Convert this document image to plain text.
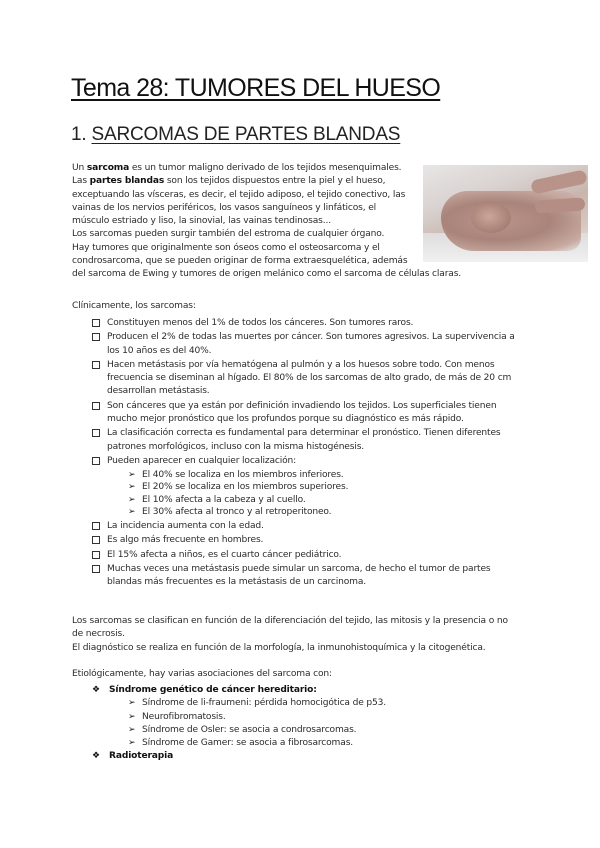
Tema 28: TUMORES DEL HUESO
1. SARCOMAS DE PARTES BLANDAS
Un sarcoma es un tumor maligno derivado de los tejidos mesenquimales.
Las partes blandas son los tejidos dispuestos entre la piel y el hueso,
exceptuando las vísceras, es decir, el tejido adiposo, el tejido conectivo, las
vainas de los nervios periféricos, los vasos sanguíneos y linfáticos, el
músculo estriado y liso, la sinovial, las vainas tendinosas...
Los sarcomas pueden surgir también del estroma de cualquier órgano.
Hay tumores que originalmente son óseos como el osteosarcoma y el
condrosarcoma, que se pueden originar de forma extraesquelética, además
del sarcoma de Ewing y tumores de origen melánico como el sarcoma de células claras.
Clínicamente, los sarcomas:
Constituyen menos del 1% de todos los cánceres. Son tumores raros.
Producen el 2% de todas las muertes por cáncer. Son tumores agresivos. La supervivencia a
los 10 años es del 40%.
Hacen metástasis por vía hematógena al pulmón y a los huesos sobre todo. Con menos
frecuencia se diseminan al hígado. El 80% de los sarcomas de alto grado, de más de 20 cm
desarrollan metástasis.
Son cánceres que ya están por definición invadiendo los tejidos. Los superficiales tienen
mucho mejor pronóstico que los profundos porque su diagnóstico es más rápido.
La clasificación correcta es fundamental para determinar el pronóstico. Tienen diferentes
patrones morfológicos, incluso con la misma histogénesis.
Pueden aparecer en cualquier localización:
➢ El 40% se localiza en los miembros inferiores.
➢ El 20% se localiza en los miembros superiores.
➢ El 10% afecta a la cabeza y al cuello.
➢ El 30% afecta al tronco y al retroperitoneo.
La incidencia aumenta con la edad.
Es algo más frecuente en hombres.
El 15% afecta a niños, es el cuarto cáncer pediátrico.
Muchas veces una metástasis puede simular un sarcoma, de hecho el tumor de partes
blandas más frecuentes es la metástasis de un carcinoma.
Los sarcomas se clasifican en función de la diferenciación del tejido, las mitosis y la presencia o no
de necrosis.
El diagnóstico se realiza en función de la morfología, la inmunohistoquímica y la citogenética.
Etiológicamente, hay varias asociaciones del sarcoma con:
❖ Síndrome genético de cáncer hereditario:
➢ Síndrome de li-fraumeni: pérdida homocigótica de p53.
➢ Neurofibromatosis.
➢ Síndrome de Osler: se asocia a condrosarcomas.
➢ Síndrome de Gamer: se asocia a fibrosarcomas.
❖ Radioterapia
